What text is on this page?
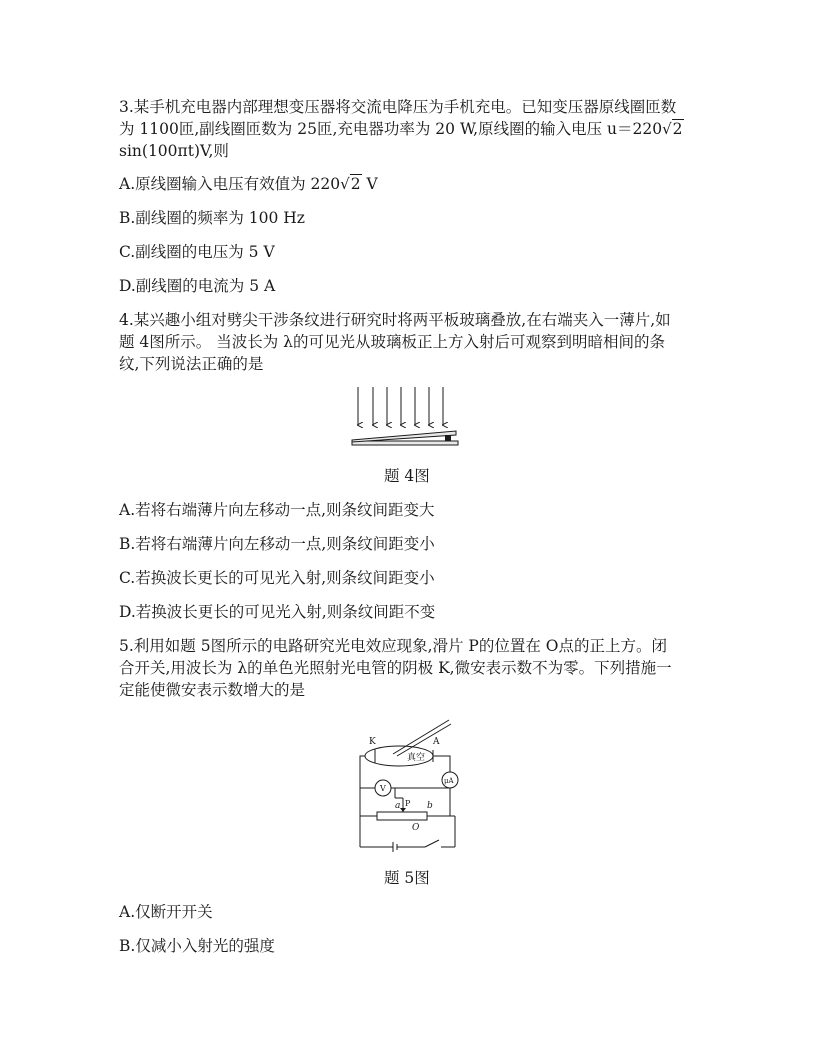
3.某手机充电器内部理想变压器将交流电降压为手机充电。已知变压器原线圈匝数
为 1100匝,副线圈匝数为 25匝,充电器功率为 20 W,原线圈的输入电压 u＝220√2
sin(100πt)V,则
A.原线圈输入电压有效值为 220√2 V
B.副线圈的频率为 100 Hz
C.副线圈的电压为 5 V
D.副线圈的电流为 5 A
4.某兴趣小组对劈尖干涉条纹进行研究时将两平板玻璃叠放,在右端夹入一薄片,如
题 4图所示。 当波长为 λ的可见光从玻璃板正上方入射后可观察到明暗相间的条
纹,下列说法正确的是
题 4图
A.若将右端薄片向左移动一点,则条纹间距变大
B.若将右端薄片向左移动一点,则条纹间距变小
C.若换波长更长的可见光入射,则条纹间距变小
D.若换波长更长的可见光入射,则条纹间距不变
5.利用如题 5图所示的电路研究光电效应现象,滑片 P的位置在 O点的正上方。闭
合开关,用波长为 λ的单色光照射光电管的阴极 K,微安表示数不为零。下列措施一
定能使微安表示数增大的是
K	A
真空
μA
V
a P b
O
题 5图
A.仅断开开关
B.仅减小入射光的强度
